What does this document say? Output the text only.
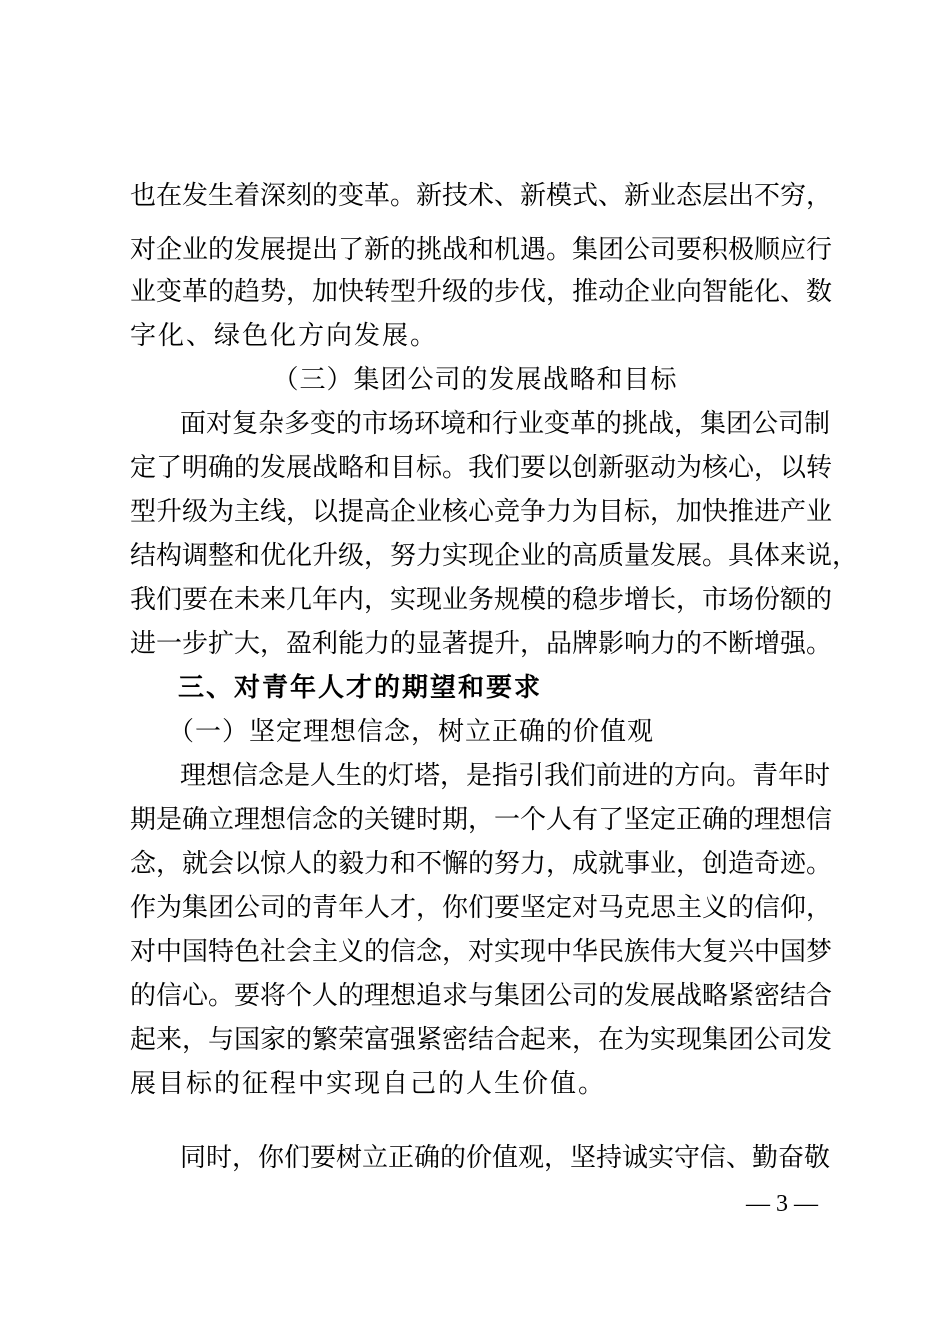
也在发生着深刻的变革。新技术、新模式、新业态层出不穷，
对企业的发展提出了新的挑战和机遇。集团公司要积极顺应行
业变革的趋势，加快转型升级的步伐，推动企业向智能化、数
字化、绿色化方向发展。
（三）集团公司的发展战略和目标
面对复杂多变的市场环境和行业变革的挑战，集团公司制
定了明确的发展战略和目标。我们要以创新驱动为核心，以转
型升级为主线，以提高企业核心竞争力为目标，加快推进产业
结构调整和优化升级，努力实现企业的高质量发展。具体来说，
我们要在未来几年内，实现业务规模的稳步增长，市场份额的
进一步扩大，盈利能力的显著提升，品牌影响力的不断增强。
三、对青年人才的期望和要求
（一）坚定理想信念，树立正确的价值观
理想信念是人生的灯塔，是指引我们前进的方向。青年时
期是确立理想信念的关键时期，一个人有了坚定正确的理想信
念，就会以惊人的毅力和不懈的努力，成就事业，创造奇迹。
作为集团公司的青年人才，你们要坚定对马克思主义的信仰，
对中国特色社会主义的信念，对实现中华民族伟大复兴中国梦
的信心。要将个人的理想追求与集团公司的发展战略紧密结合
起来，与国家的繁荣富强紧密结合起来，在为实现集团公司发
展目标的征程中实现自己的人生价值。
同时，你们要树立正确的价值观，坚持诚实守信、勤奋敬
— 3 —
